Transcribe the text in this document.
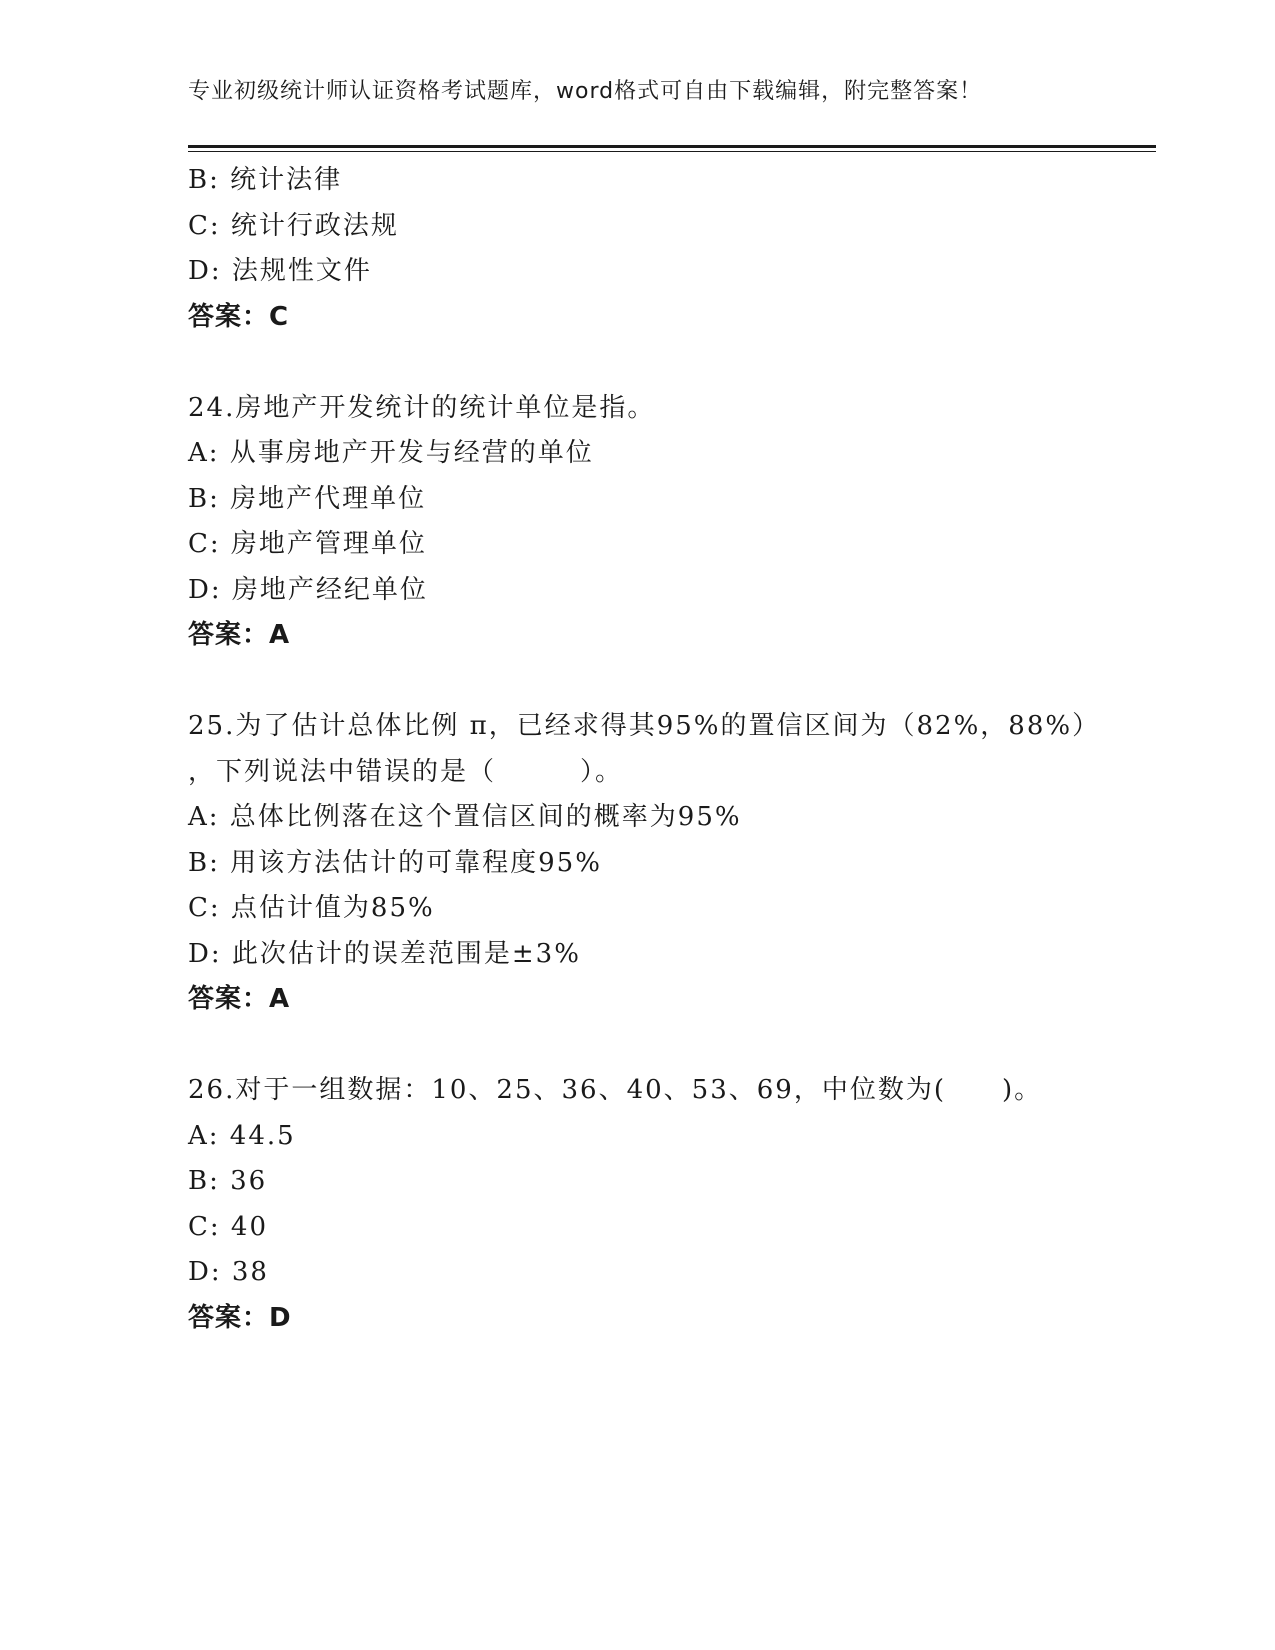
专业初级统计师认证资格考试题库，word格式可自由下载编辑，附完整答案！
B: 统计法律
C: 统计行政法规
D: 法规性文件
答案：C
24.房地产开发统计的统计单位是指。
A: 从事房地产开发与经营的单位
B: 房地产代理单位
C: 房地产管理单位
D: 房地产经纪单位
答案：A
25.为了估计总体比例 π，已经求得其95%的置信区间为（82%，88%）
，下列说法中错误的是（　　　）。
A: 总体比例落在这个置信区间的概率为95%
B: 用该方法估计的可靠程度95%
C: 点估计值为85%
D: 此次估计的误差范围是±3%
答案：A
26.对于一组数据：10、25、36、40、53、69，中位数为(　　)。
A: 44.5
B: 36
C: 40
D: 38
答案：D
